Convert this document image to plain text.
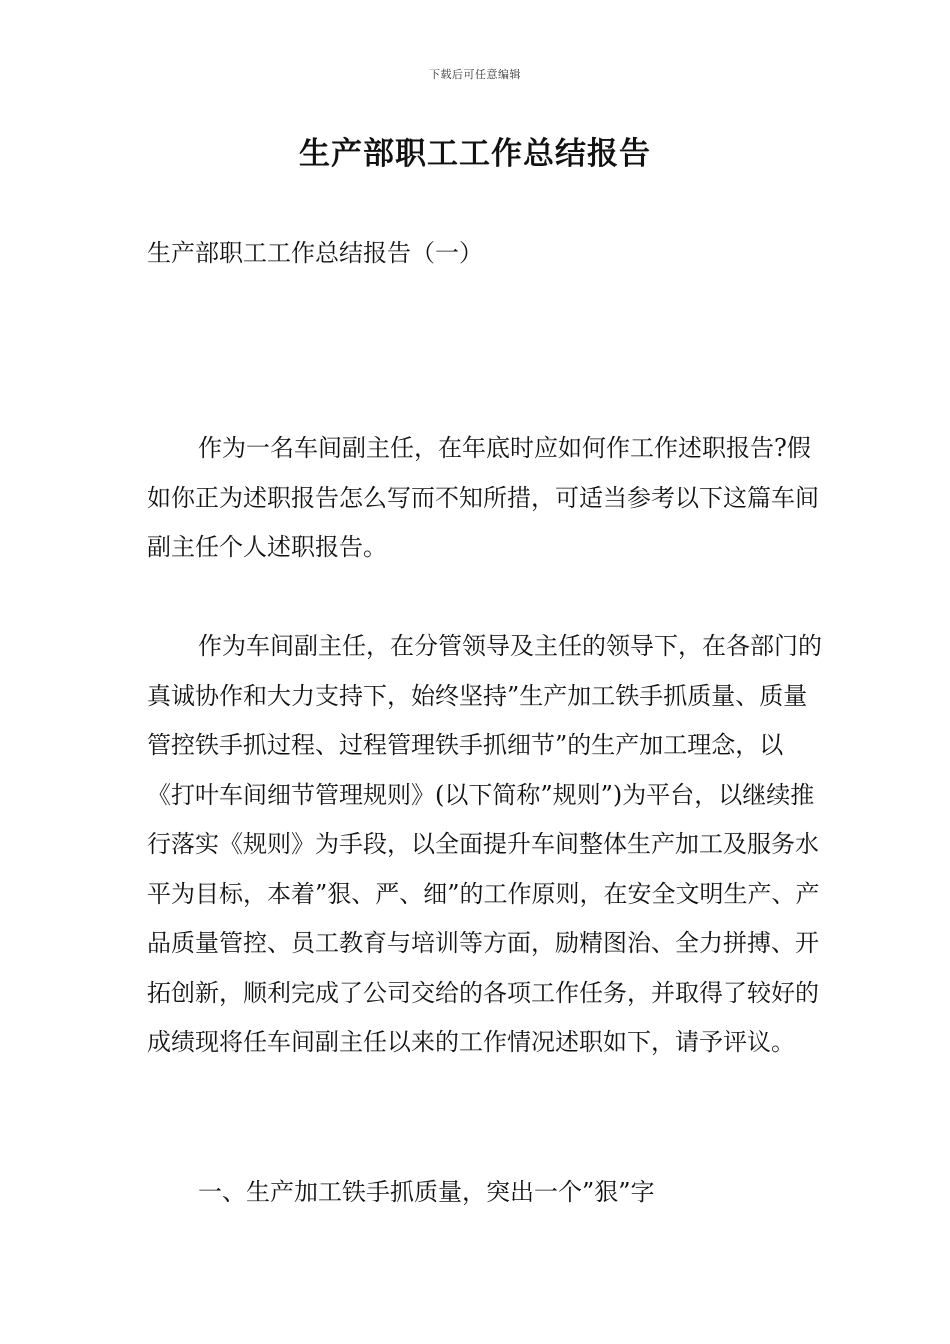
下载后可任意编辑
生产部职工工作总结报告

生产部职工工作总结报告（一）

作为一名车间副主任，在年底时应如何作工作述职报告?假如你正为述职报告怎么写而不知所措，可适当参考以下这篇车间副主任个人述职报告。

作为车间副主任，在分管领导及主任的领导下，在各部门的真诚协作和大力支持下，始终坚持”生产加工铁手抓质量、质量管控铁手抓过程、过程管理铁手抓细节”的生产加工理念，以《打叶车间细节管理规则》(以下简称”规则”)为平台，以继续推行落实《规则》为手段，以全面提升车间整体生产加工及服务水平为目标，本着”狠、严、细”的工作原则，在安全文明生产、产品质量管控、员工教育与培训等方面，励精图治、全力拼搏、开拓创新，顺利完成了公司交给的各项工作任务，并取得了较好的成绩现将任车间副主任以来的工作情况述职如下，请予评议。

一、生产加工铁手抓质量，突出一个”狠”字
